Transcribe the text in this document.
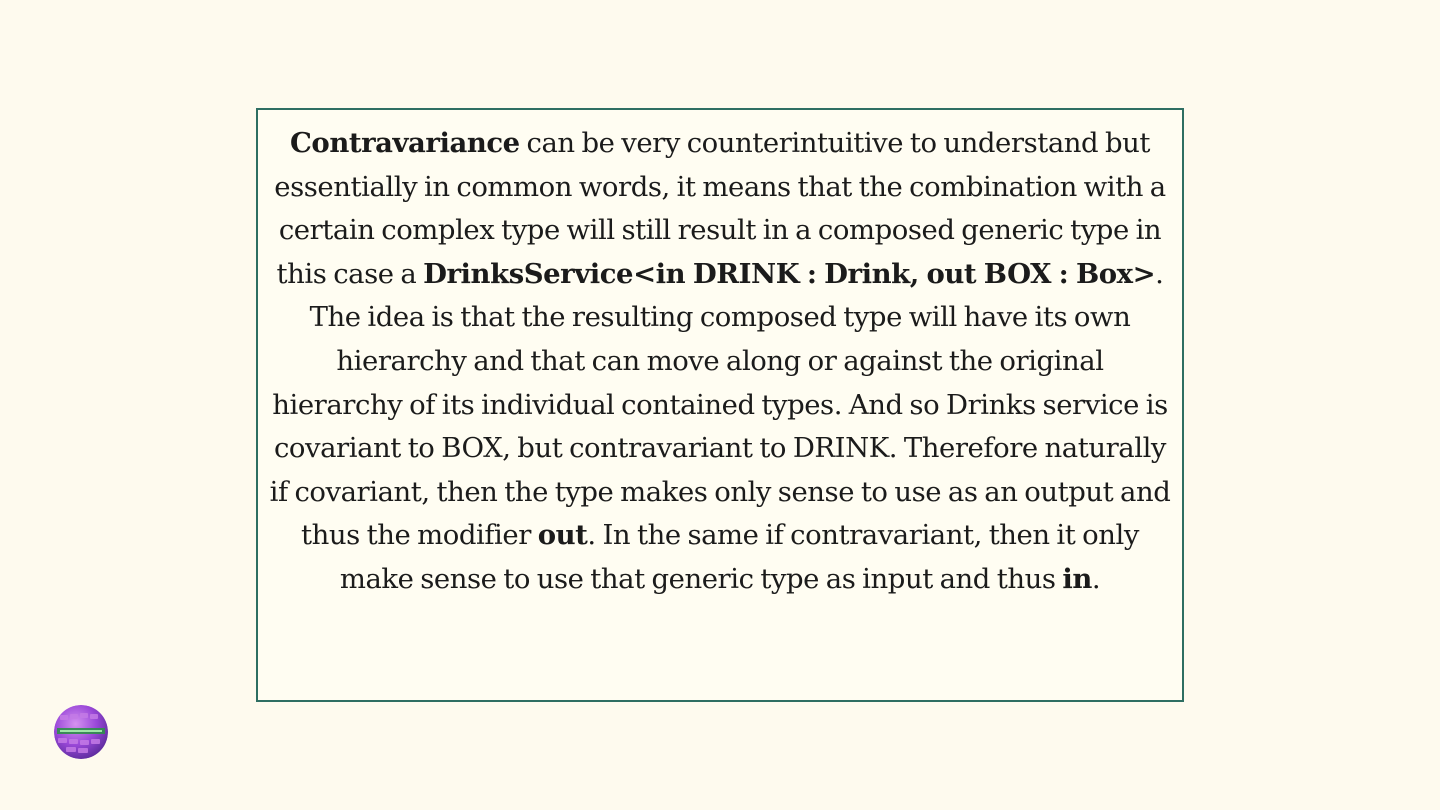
Contravariance can be very counterintuitive to understand but essentially in common words, it means that the combination with a certain complex type will still result in a composed generic type in this case a DrinksService<in DRINK : Drink, out BOX : Box>. The idea is that the resulting composed type will have its own hierarchy and that can move along or against the original hierarchy of its individual contained types. And so Drinks service is covariant to BOX, but contravariant to DRINK. Therefore naturally if covariant, then the type makes only sense to use as an output and thus the modifier out. In the same if contravariant, then it only make sense to use that generic type as input and thus in.
